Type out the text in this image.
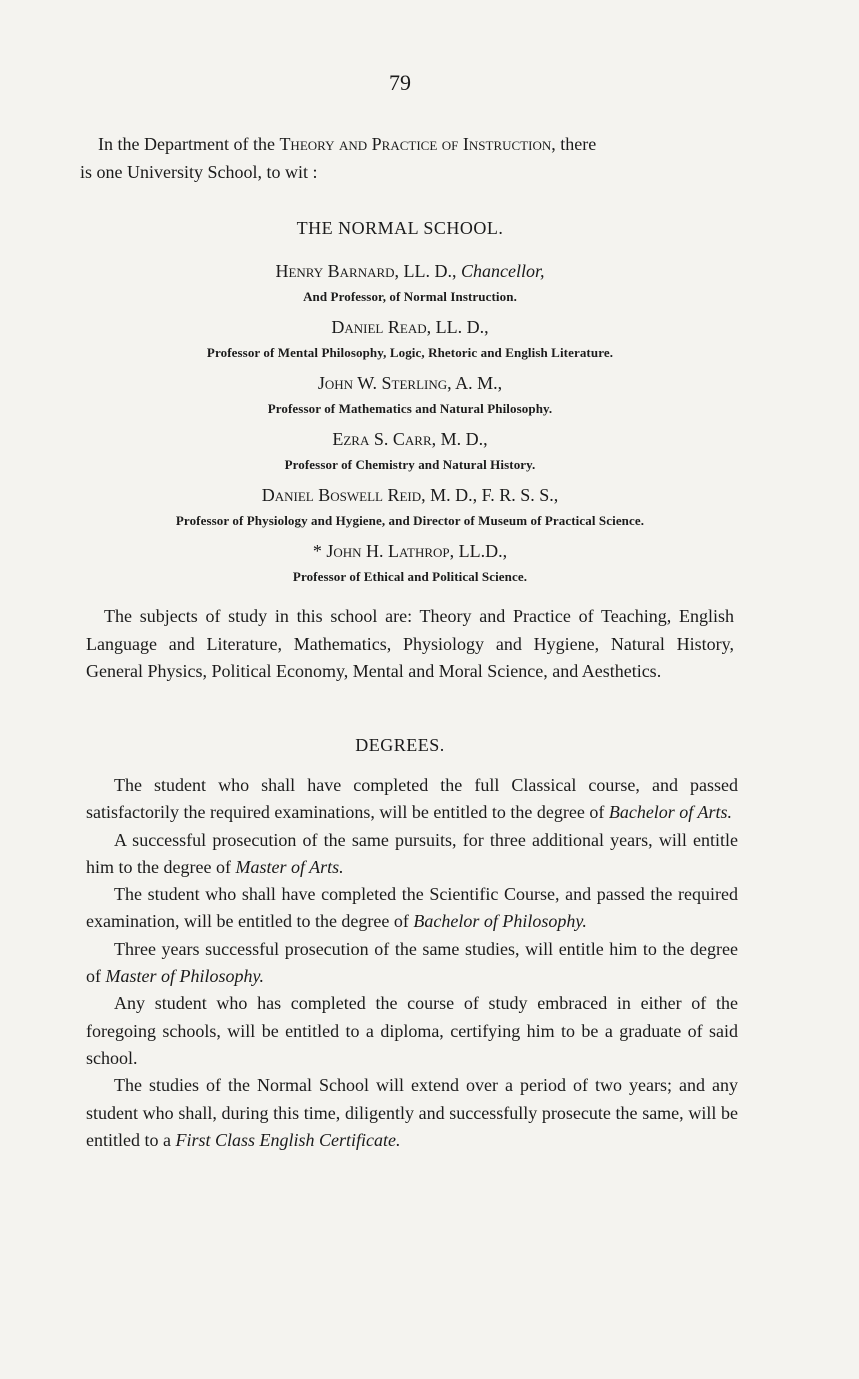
79
In the Department of the Theory and Practice of Instruction, there
is one University School, to wit :
THE NORMAL SCHOOL.
Henry Barnard, LL. D., Chancellor,
And Professor, of Normal Instruction.
Daniel Read, LL. D.,
Professor of Mental Philosophy, Logic, Rhetoric and English Literature.
John W. Sterling, A. M.,
Professor of Mathematics and Natural Philosophy.
Ezra S. Carr, M. D.,
Professor of Chemistry and Natural History.
Daniel Boswell Reid, M. D., F. R. S. S.,
Professor of Physiology and Hygiene, and Director of Museum of Practical Science.
* John H. Lathrop, LL.D.,
Professor of Ethical and Political Science.

The subjects of study in this school are: Theory and Practice of Teaching, English Language and Literature, Mathematics, Physiology and Hygiene, Natural History, General Physics, Political Economy, Mental and Moral Science, and Aesthetics.

DEGREES.

The student who shall have completed the full Classical course, and passed satisfactorily the required examinations, will be entitled to the degree of Bachelor of Arts.

A successful prosecution of the same pursuits, for three additional years, will entitle him to the degree of Master of Arts.

The student who shall have completed the Scientific Course, and passed the required examination, will be entitled to the degree of Bachelor of Philosophy.

Three years successful prosecution of the same studies, will entitle him to the degree of Master of Philosophy.

Any student who has completed the course of study embraced in either of the foregoing schools, will be entitled to a diploma, certifying him to be a graduate of said school.

The studies of the Normal School will extend over a period of two years; and any student who shall, during this time, diligently and successfully prosecute the same, will be entitled to a First Class English Certificate.
